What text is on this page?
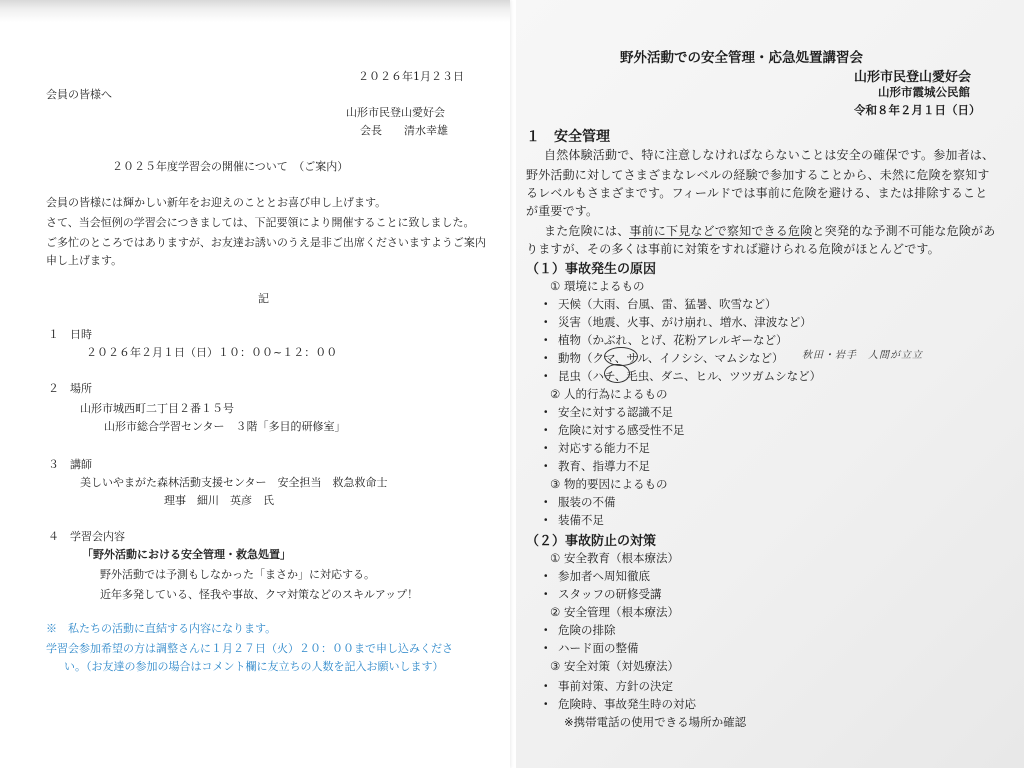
２０２６年1月２３日
会員の皆様へ
山形市民登山愛好会
会長　　清水幸雄
２０２５年度学習会の開催について　（ご案内）
会員の皆様には輝かしい新年をお迎えのこととお喜び申し上げます。
さて、当会恒例の学習会につきましては、下記要領により開催することに致しました。
ご多忙のところではありますが、お友達お誘いのうえ是非ご出席くださいますようご案内
申し上げます。
記
１　日時
２０２６年２月１日（日）１０：００~１２：００
２　場所
山形市城西町二丁目２番１５号
山形市総合学習センター　３階「多目的研修室」
３　講師
美しいやまがた森林活動支援センター　安全担当　救急救命士
理事　細川　英彦　氏
４　学習会内容
「野外活動における安全管理・救急処置」
野外活動では予測もしなかった「まさか」に対応する。
近年多発している、怪我や事故、クマ対策などのスキルアップ！
※　私たちの活動に直結する内容になります。
学習会参加希望の方は調整さんに１月２７日（火）２０：００まで申し込みくださ
い。（お友達の参加の場合はコメント欄に友立ちの人数を記入お願いします）
野外活動での安全管理・応急処置講習会
山形市民登山愛好会
山形市霞城公民館
令和８年２月１日（日）
１　安全管理
自然体験活動で、特に注意しなければならないことは安全の確保です。参加者は、
野外活動に対してさまざまなレベルの経験で参加することから、未然に危険を察知す
るレベルもさまざまです。フィールドでは事前に危険を避ける、または排除すること
が重要です。
また危険には、事前に下見などで察知できる危険と突発的な予測不可能な危険があ
りますが、その多くは事前に対策をすれば避けられる危険がほとんどです。
（１）事故発生の原因
① 環境によるもの
・ 天候（大雨、台風、雷、猛暑、吹雪など）
・ 災害（地震、火事、がけ崩れ、増水、津波など）
・ 植物（かぶれ、とげ、花粉アレルギーなど）
・ 動物（クマ、サル、イノシシ、マムシなど）
・ 昆虫（ハチ、毛虫、ダニ、ヒル、ツツガムシなど）
秋田・岩手　人間が立立
② 人的行為によるもの
・ 安全に対する認識不足
・ 危険に対する感受性不足
・ 対応する能力不足
・ 教育、指導力不足
③ 物的要因によるもの
・ 服装の不備
・ 装備不足
（２）事故防止の対策
① 安全教育（根本療法）
・ 参加者へ周知徹底
・ スタッフの研修受講
② 安全管理（根本療法）
・ 危険の排除
・ ハード面の整備
③ 安全対策（対処療法）
・ 事前対策、方針の決定
・ 危険時、事故発生時の対応
※携帯電話の使用できる場所か確認
